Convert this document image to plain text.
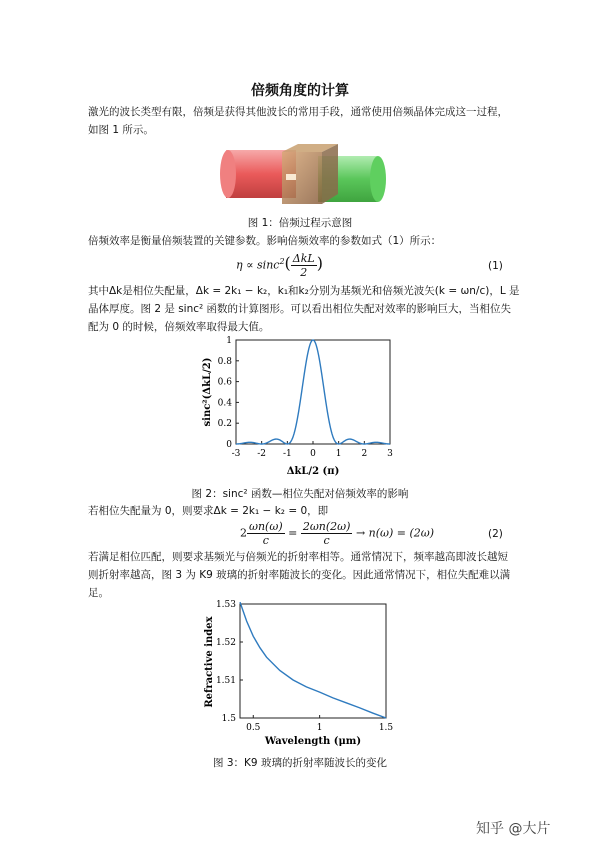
倍频角度的计算
激光的波长类型有限，倍频是获得其他波长的常用手段，通常使用倍频晶体完成这一过程，
如图 1 所示。
图 1：倍频过程示意图
倍频效率是衡量倍频装置的关键参数。影响倍频效率的参数如式（1）所示：
$\eta \propto \sin c^2( \frac{\text{ΔkL}}{2}$ )	(1)
其中Δk是相位失配量，Δk = 2k₁ − k₂，k₁和k₂分别为基频光和倍频光波矢(k = ωn/c)，L 是
晶体厚度。图 2 是 sinc² 函数的计算图形。可以看出相位失配对效率的影响巨大，当相位失
配为 0 的时候，倍频效率取得最大值。
-3 -2 -1 0 1 2 3
0
0.2
0.4
0.6
0.8
1
ΔkL/2 (π)
sinc²(ΔkL/2)
图 2：sinc² 函数—相位失配对倍频效率的影响
若相位失配量为 0，则要求Δk = 2k₁ − k₂ = 0，即
$2 \frac{\omega n(\omega)}{c} = \frac{2\omega n(2\omega)}{c} \to n(\omega) = (2\omega)$	(2)
若满足相位匹配，则要求基频光与倍频光的折射率相等。通常情况下，频率越高即波长越短
则折射率越高，图 3 为 K9 玻璃的折射率随波长的变化。因此通常情况下，相位失配难以满
足。
0.5	1	1.5
1.5
1.51
1.52
1.53
Wavelength (μm)
Refractive index
图 3：K9 玻璃的折射率随波长的变化
知乎 @大片
